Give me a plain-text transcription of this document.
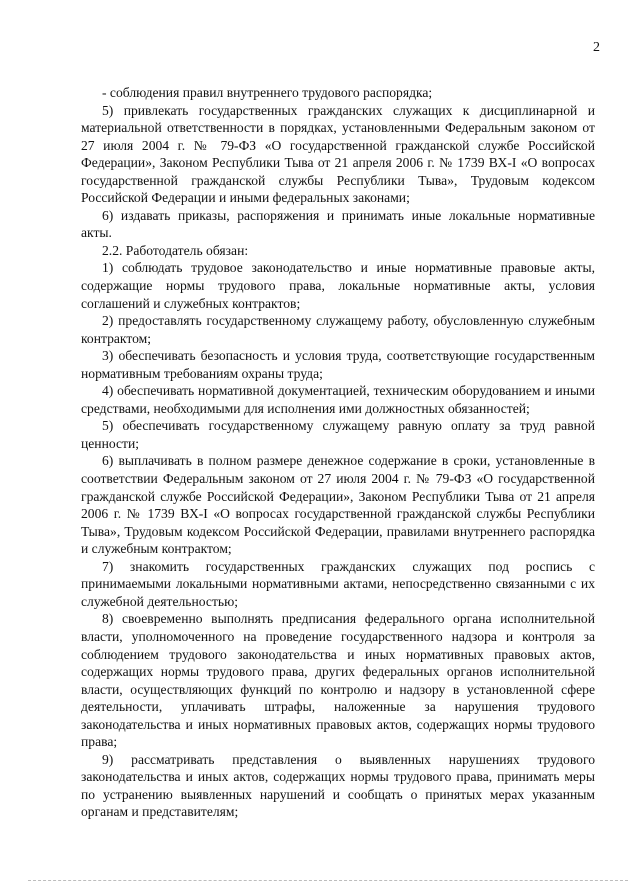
2

- соблюдения правил внутреннего трудового распорядка;

5) привлекать государственных гражданских служащих к дисциплинарной и материальной ответственности в порядках, установленными Федеральным законом от 27 июля 2004 г. № 79-ФЗ «О государственной гражданской службе Российской Федерации», Законом Республики Тыва от 21 апреля 2006 г. № 1739 ВХ-I «О вопросах государственной гражданской службы Республики Тыва», Трудовым кодексом Российской Федерации и иными федеральных законами;

6) издавать приказы, распоряжения и принимать иные локальные нормативные акты.

2.2. Работодатель обязан:

1) соблюдать трудовое законодательство и иные нормативные правовые акты, содержащие нормы трудового права, локальные нормативные акты, условия соглашений и служебных контрактов;

2) предоставлять государственному служащему работу, обусловленную служебным контрактом;

3) обеспечивать безопасность и условия труда, соответствующие государственным нормативным требованиям охраны труда;

4) обеспечивать нормативной документацией, техническим оборудованием и иными средствами, необходимыми для исполнения ими должностных обязанностей;

5) обеспечивать государственному служащему равную оплату за труд равной ценности;

6) выплачивать в полном размере денежное содержание в сроки, установленные в соответствии Федеральным законом от 27 июля 2004 г. № 79-ФЗ «О государственной гражданской службе Российской Федерации», Законом Республики Тыва от 21 апреля 2006 г. № 1739 ВХ-I «О вопросах государственной гражданской службы Республики Тыва», Трудовым кодексом Российской Федерации, правилами внутреннего распорядка и служебным контрактом;

7) знакомить государственных гражданских служащих под роспись с принимаемыми локальными нормативными актами, непосредственно связанными с их служебной деятельностью;

8) своевременно выполнять предписания федерального органа исполнительной власти, уполномоченного на проведение государственного надзора и контроля за соблюдением трудового законодательства и иных нормативных правовых актов, содержащих нормы трудового права, других федеральных органов исполнительной власти, осуществляющих функций по контролю и надзору в установленной сфере деятельности, уплачивать штрафы, наложенные за нарушения трудового законодательства и иных нормативных правовых актов, содержащих нормы трудового права;

9) рассматривать представления о выявленных нарушениях трудового законодательства и иных актов, содержащих нормы трудового права, принимать меры по устранению выявленных нарушений и сообщать о принятых мерах указанным органам и представителям;
